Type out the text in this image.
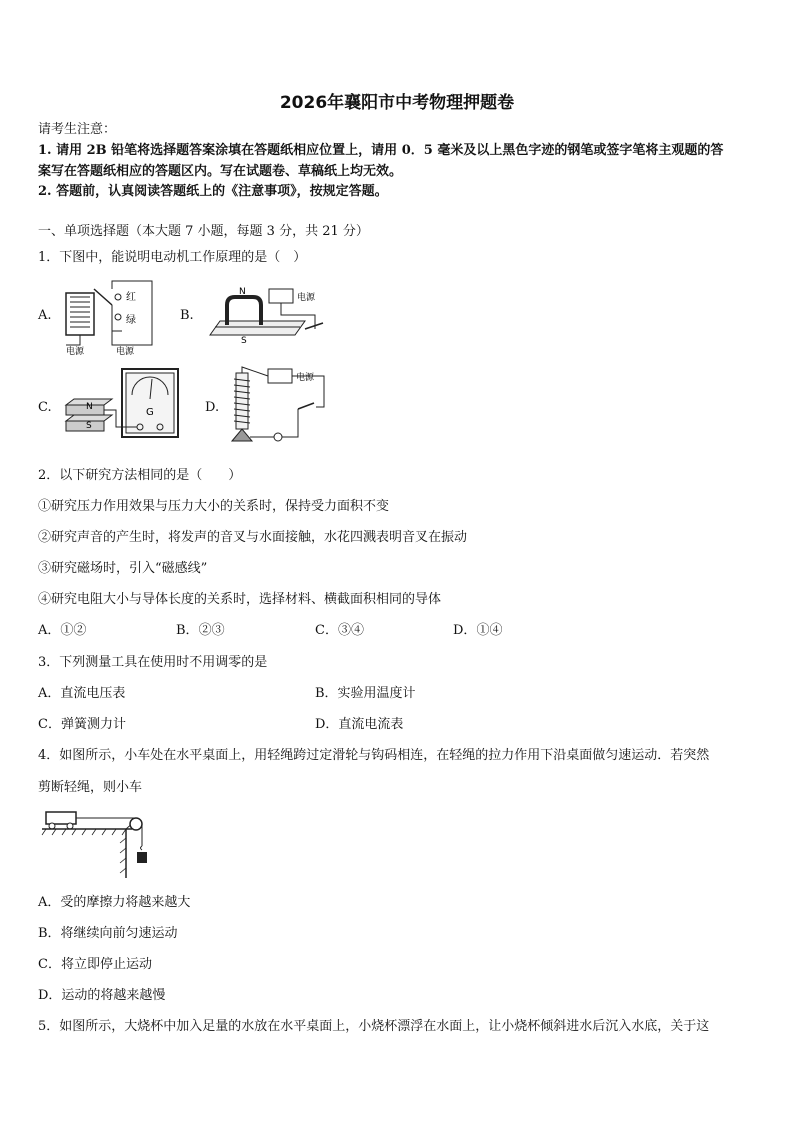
2026年襄阳市中考物理押题卷
请考生注意：
1. 请用 2B 铅笔将选择题答案涂填在答题纸相应位置上，请用 0．5 毫米及以上黑色字迹的钢笔或签字笔将主观题的答
案写在答题纸相应的答题区内。写在试题卷、草稿纸上均无效。
2. 答题前，认真阅读答题纸上的《注意事项》，按规定答题。
一、单项选择题（本大题 7 小题，每题 3 分，共 21 分）
1．下图中，能说明电动机工作原理的是（　）
A.
红
绿
电源	电源
B.
N
S
电源
C.	N
S
G	D.
电源
2．以下研究方法相同的是（　　）
①研究压力作用效果与压力大小的关系时，保持受力面积不变
②研究声音的产生时，将发声的音叉与水面接触，水花四溅表明音叉在振动
③研究磁场时，引入“磁感线”
④研究电阻大小与导体长度的关系时，选择材料、横截面积相同的导体
A．①②	B．②③	C．③④	D．①④
3．下列测量工具在使用时不用调零的是
A．直流电压表	B．实验用温度计
C．弹簧测力计	D．直流电流表
4．如图所示，小车处在水平桌面上，用轻绳跨过定滑轮与钩码相连，在轻绳的拉力作用下沿桌面做匀速运动．若突然
剪断轻绳，则小车
A．受的摩擦力将越来越大
B．将继续向前匀速运动
C．将立即停止运动
D．运动的将越来越慢
5．如图所示，大烧杯中加入足量的水放在水平桌面上，小烧杯漂浮在水面上，让小烧杯倾斜进水后沉入水底，关于这
